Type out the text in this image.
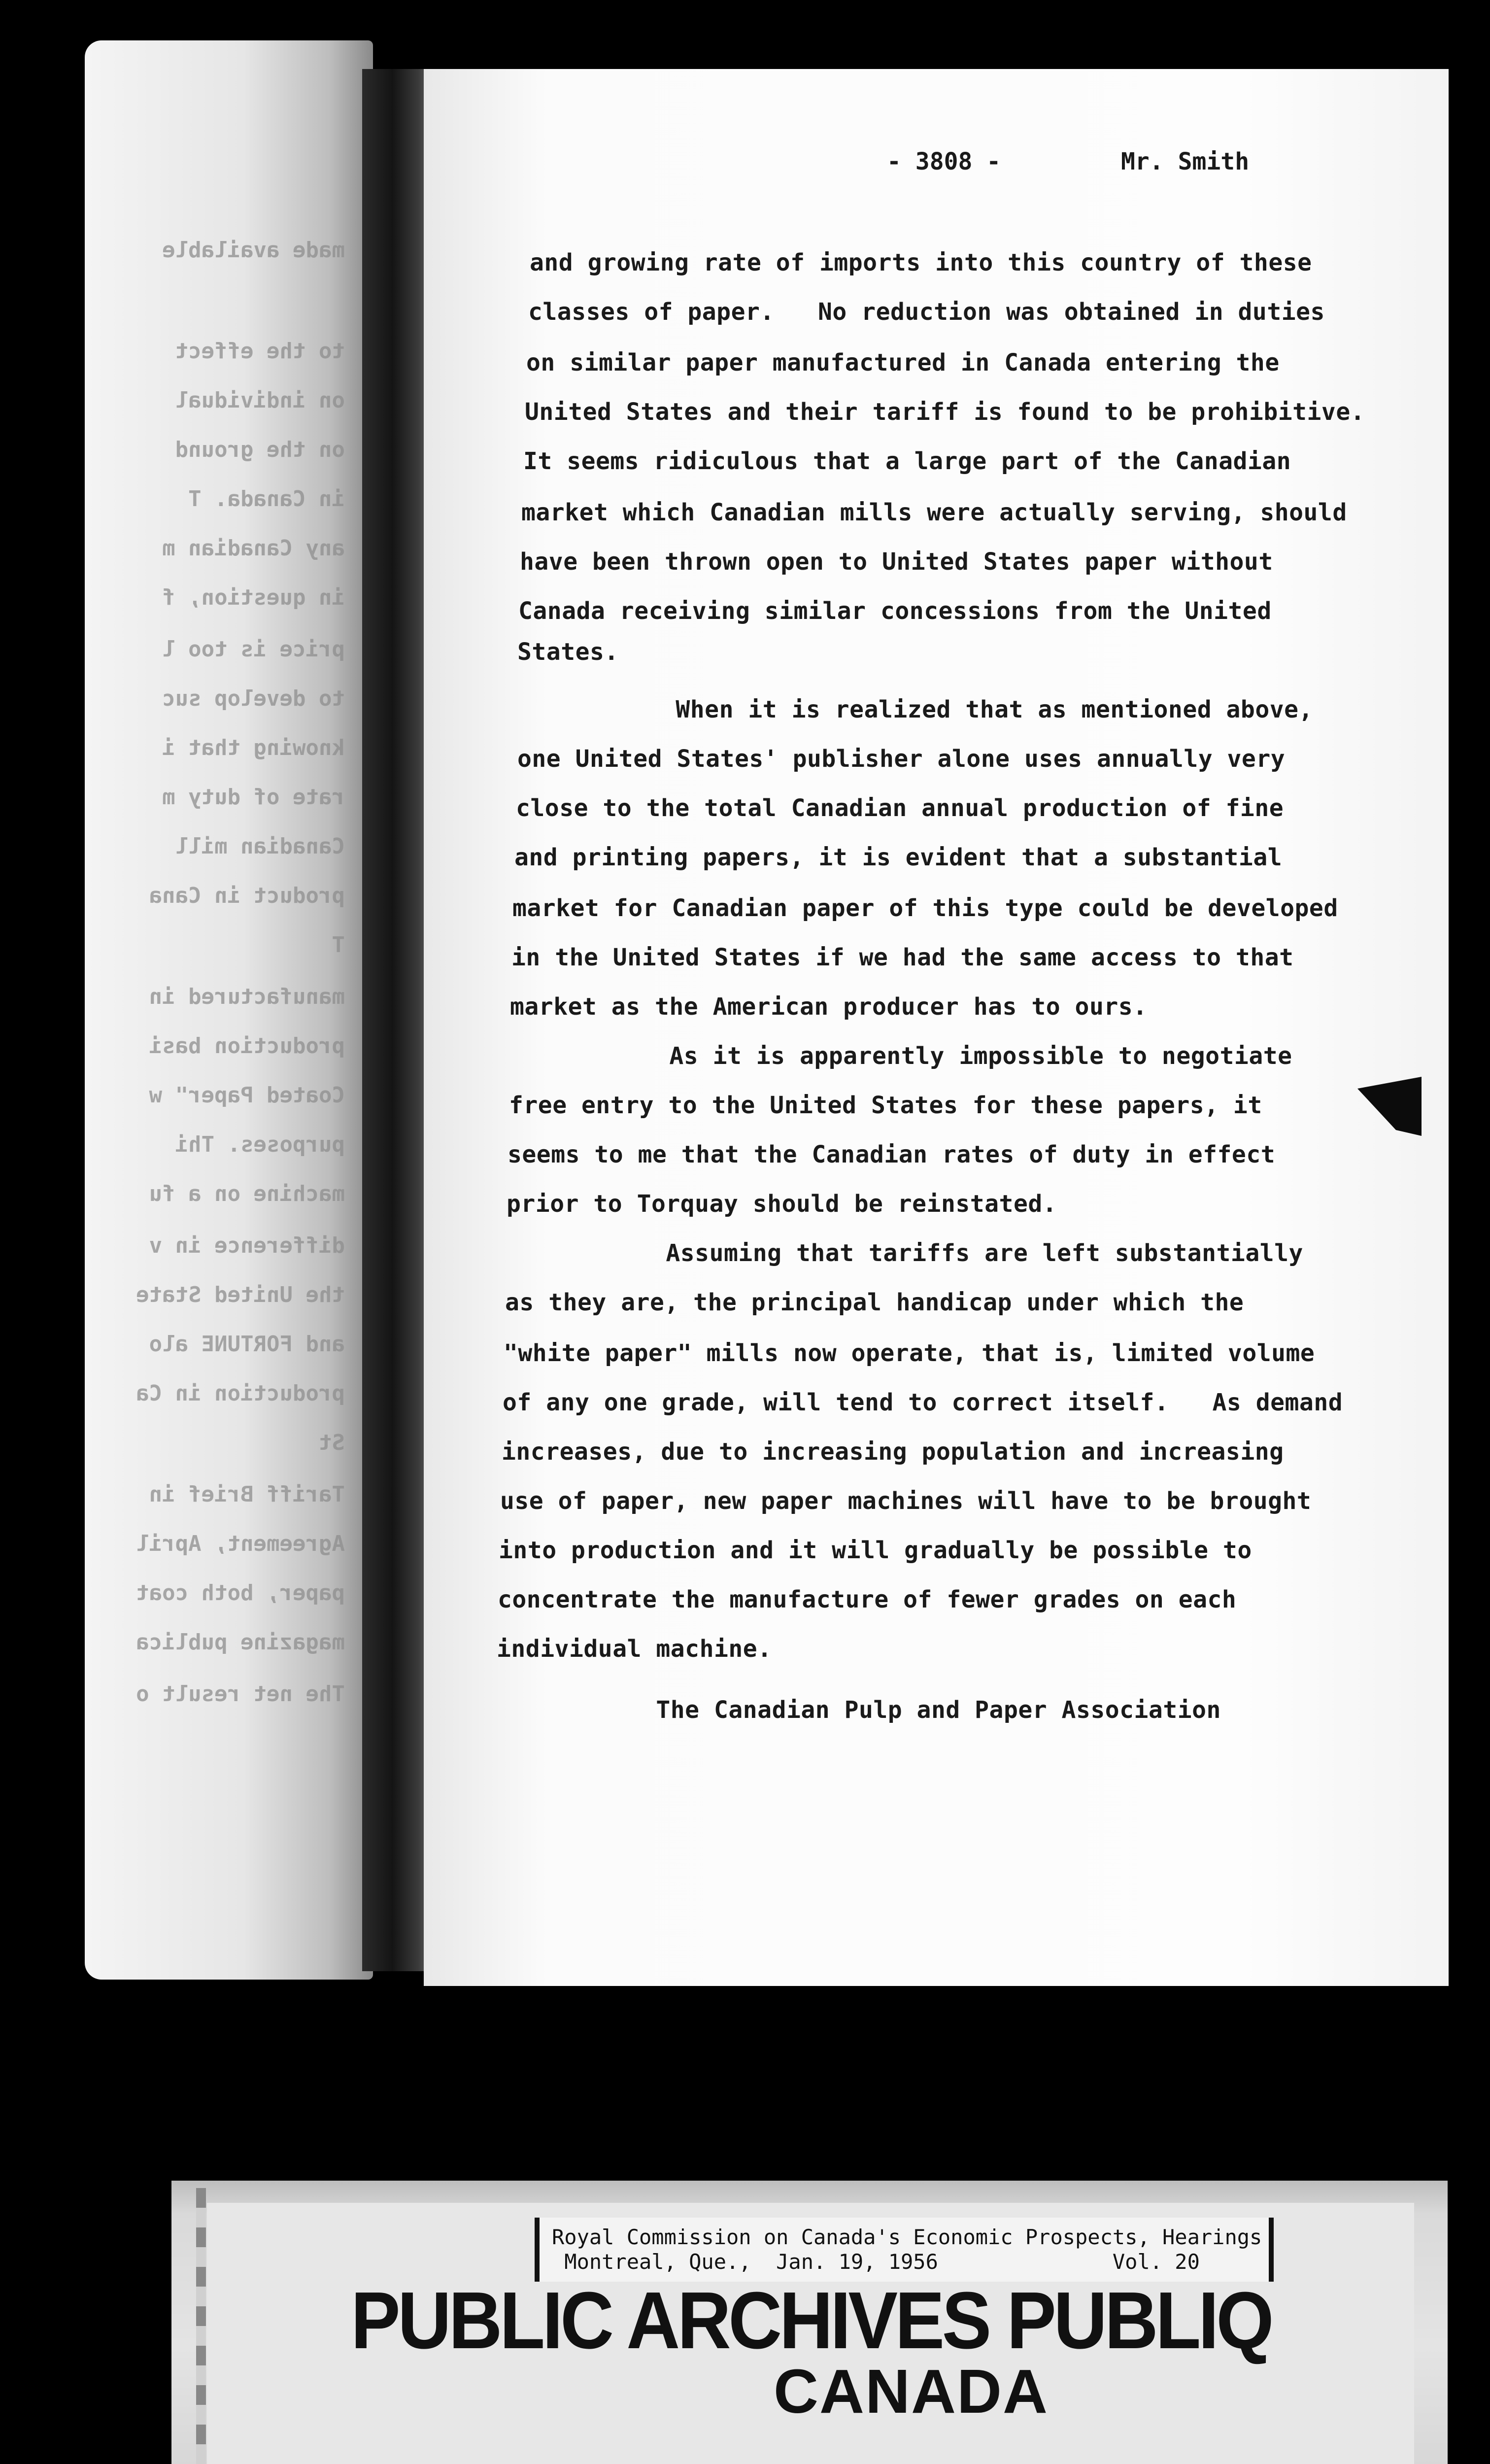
made available
to the effect
on individual
on the ground
in Canada. T
any Canadian m
in question, f
price is too l
to develop suc
knowing that i
rate of duty m
Canadian mill
product in Cana
T
manufactured in
production basi
Coated Paper" w
purposes. Thi
machine on a fu
difference in v
the United State
and FORTUNE alo
production in Ca
St
Tariff Brief in
Agreement, April
paper, both coat
magazine publica
The net result o
- 3808 -	Mr. Smith
and growing rate of imports into this country of these
classes of paper.   No reduction was obtained in duties
on similar paper manufactured in Canada entering the
United States and their tariff is found to be prohibitive.
It seems ridiculous that a large part of the Canadian
market which Canadian mills were actually serving, should
have been thrown open to United States paper without
Canada receiving similar concessions from the United
States.
When it is realized that as mentioned above,
one United States' publisher alone uses annually very
close to the total Canadian annual production of fine
and printing papers, it is evident that a substantial
market for Canadian paper of this type could be developed
in the United States if we had the same access to that
market as the American producer has to ours.
As it is apparently impossible to negotiate
free entry to the United States for these papers, it
seems to me that the Canadian rates of duty in effect
prior to Torquay should be reinstated.
Assuming that tariffs are left substantially
as they are, the principal handicap under which the
"white paper" mills now operate, that is, limited volume
of any one grade, will tend to correct itself.   As demand
increases, due to increasing population and increasing
use of paper, new paper machines will have to be brought
into production and it will gradually be possible to
concentrate the manufacture of fewer grades on each
individual machine.
The Canadian Pulp and Paper Association
Royal Commission on Canada's Economic Prospects, Hearings
Montreal, Que.,  Jan. 19, 1956              Vol. 20
PUBLIC ARCHIVES PUBLIQ
CANADA
